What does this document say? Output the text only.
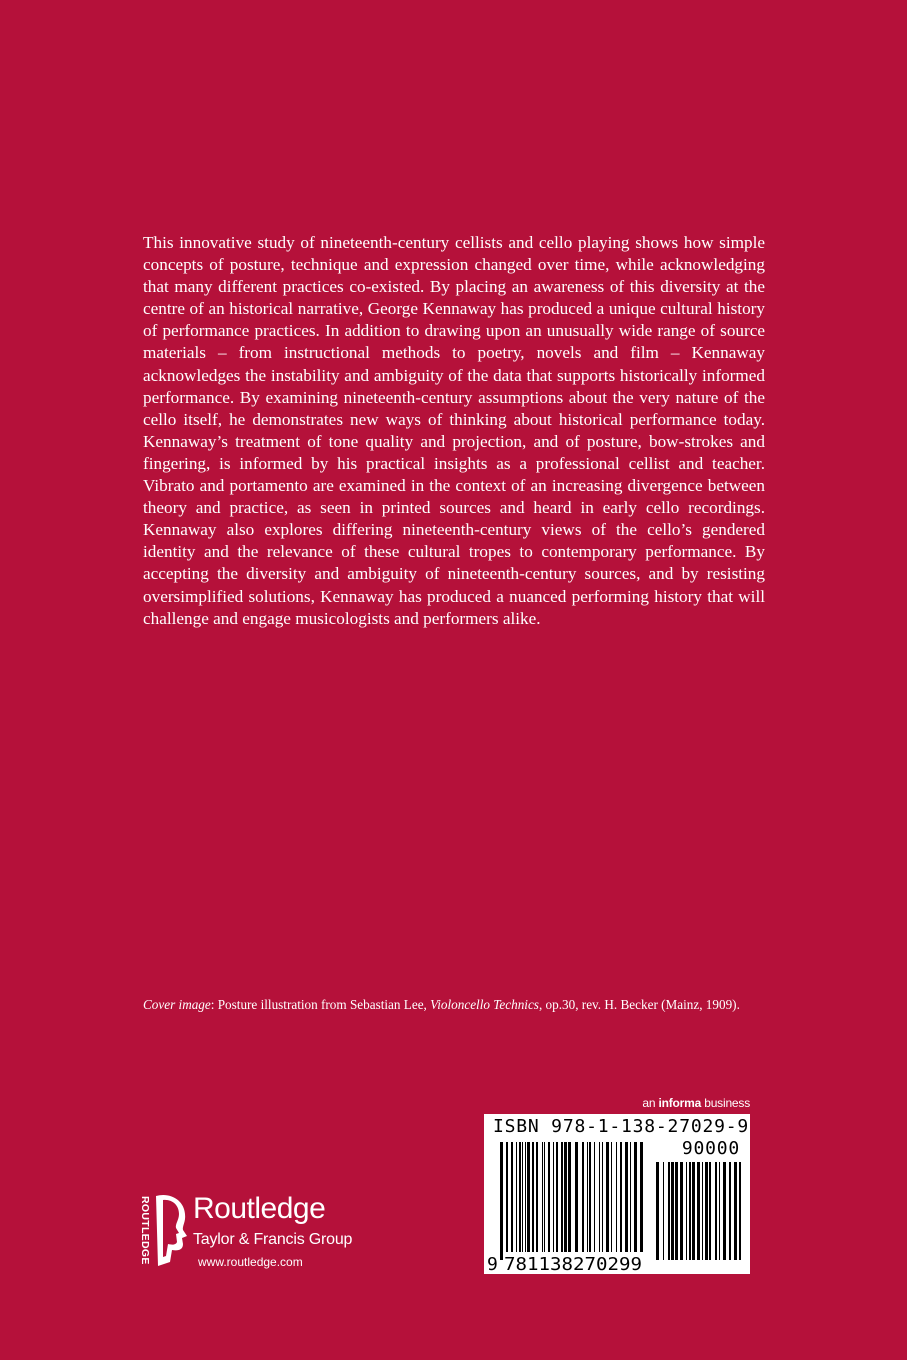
This innovative study of nineteenth-century cellists and cello playing shows how simple concepts of posture, technique and expression changed over time, while acknowledging that many different practices co-existed. By placing an awareness of this diversity at the centre of an historical narrative, George Kennaway has produced a unique cultural history of performance practices. In addition to drawing upon an unusually wide range of source materials – from instructional methods to poetry, novels and film – Kennaway acknowledges the instability and ambiguity of the data that supports historically informed performance. By examining nineteenth-century assumptions about the very nature of the cello itself, he demonstrates new ways of thinking about historical performance today. Kennaway’s treatment of tone quality and projection, and of posture, bow-strokes and fingering, is informed by his practical insights as a professional cellist and teacher. Vibrato and portamento are examined in the context of an increasing divergence between theory and practice, as seen in printed sources and heard in early cello recordings. Kennaway also explores differing nineteenth-century views of the cello’s gendered identity and the relevance of these cultural tropes to contemporary performance. By accepting the diversity and ambiguity of nineteenth-century sources, and by resisting oversimplified solutions, Kennaway has produced a nuanced performing history that will challenge and engage musicologists and performers alike.

Cover image: Posture illustration from Sebastian Lee, Violoncello Technics, op.30, rev. H. Becker (Mainz, 1909).

an informa business
9 781138270299
ISBN 978-1-138-27029-9
90000
ROUTLEDGE Routledge
Taylor & Francis Group
www.routledge.com
